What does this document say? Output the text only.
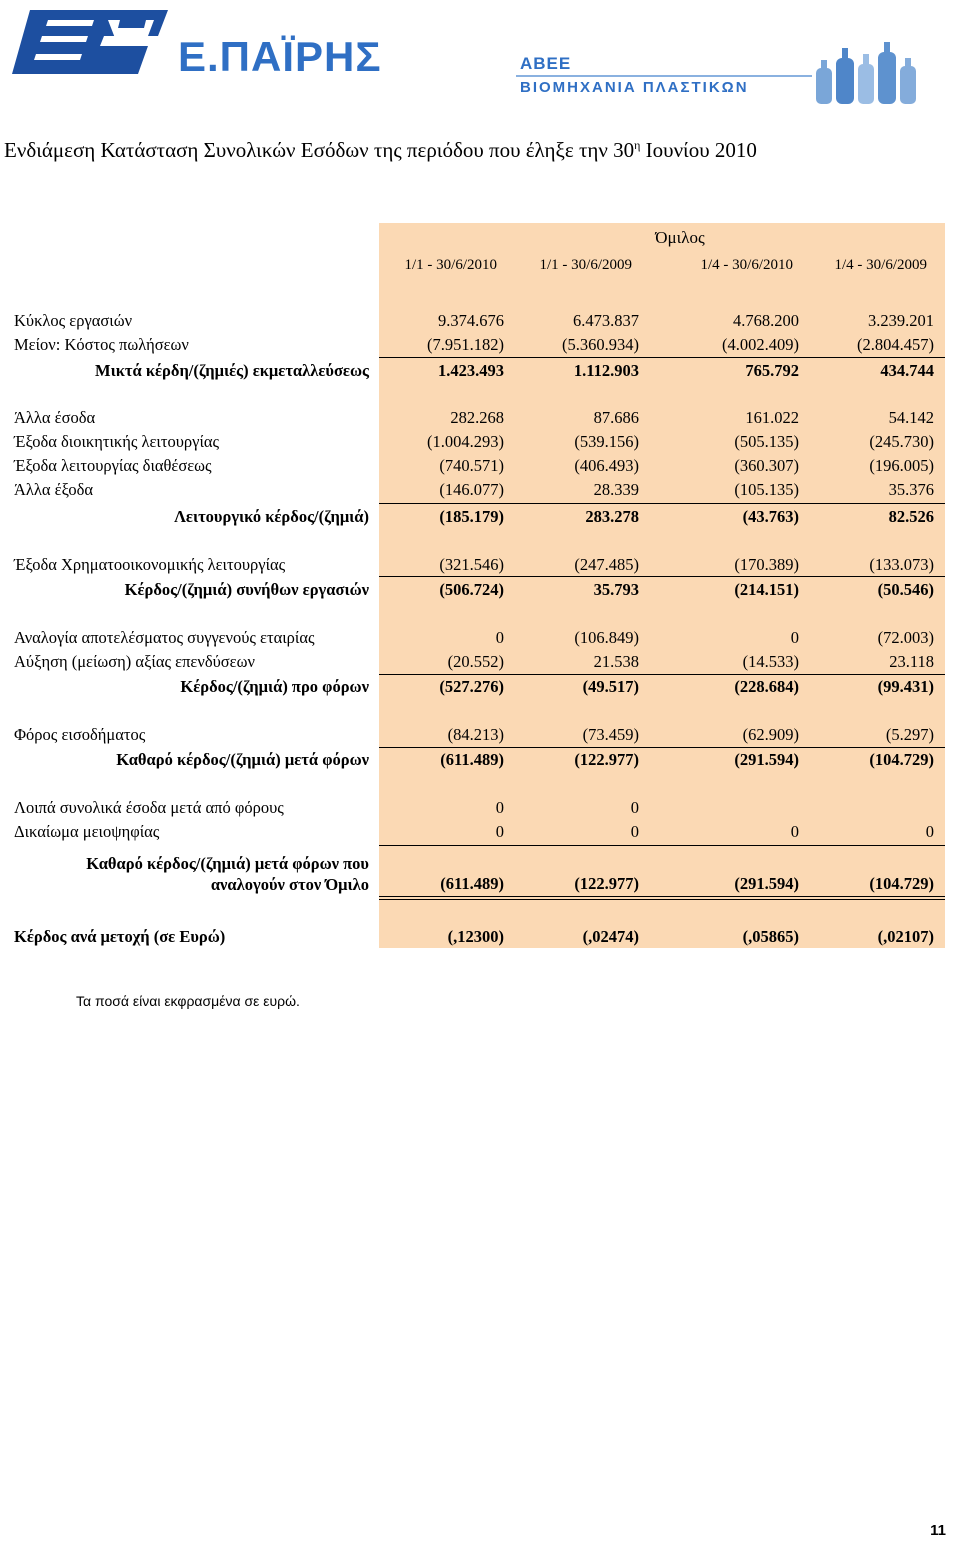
Ε.ΠΑΪΡΗΣ	ΑΒΕΕ
ΒΙΟΜΗΧΑΝΙΑ ΠΛΑΣΤΙΚΩΝ
Ενδιάμεση Κατάσταση Συνολικών Εσόδων της περιόδου που έληξε την $30^\eta$ Ιουνίου 2010
Όμιλος
1/1 - 30/6/2010	1/1 - 30/6/2009	1/4 - 30/6/2010	1/4 - 30/6/2009
Κύκλος εργασιών	9.374.676	6.473.837	4.768.200	3.239.201
Μείον: Κόστος πωλήσεων	(7.951.182)	(5.360.934)	(4.002.409)	(2.804.457)
Μικτά κέρδη/(ζημιές) εκμεταλλεύσεως	1.423.493	1.112.903	765.792	434.744
Άλλα έσοδα	282.268	87.686	161.022	54.142
Έξοδα διοικητικής λειτουργίας	(1.004.293)	(539.156)	(505.135)	(245.730)
Έξοδα λειτουργίας διαθέσεως	(740.571)	(406.493)	(360.307)	(196.005)
Άλλα έξοδα	(146.077)	28.339	(105.135)	35.376
Λειτουργικό κέρδος/(ζημιά)	(185.179)	283.278	(43.763)	82.526
Έξοδα Χρηματοοικονομικής λειτουργίας	(321.546)	(247.485)	(170.389)	(133.073)
Κέρδος/(ζημιά) συνήθων εργασιών	(506.724)	35.793	(214.151)	(50.546)
Αναλογία αποτελέσματος συγγενούς εταιρίας	0	(106.849)	0	(72.003)
Αύξηση (μείωση) αξίας επενδύσεων	(20.552)	21.538	(14.533)	23.118
Κέρδος/(ζημιά) προ φόρων	(527.276)	(49.517)	(228.684)	(99.431)
Φόρος εισοδήματος	(84.213)	(73.459)	(62.909)	(5.297)
Καθαρό κέρδος/(ζημιά) μετά φόρων	(611.489)	(122.977)	(291.594)	(104.729)
Λοιπά συνολικά έσοδα μετά από φόρους	0	0
Δικαίωμα μειοψηφίας	0	0	0	0
Καθαρό κέρδος/(ζημιά) μετά φόρων που
αναλογούν στον Όμιλο	(611.489)	(122.977)	(291.594)	(104.729)
Κέρδος ανά μετοχή (σε Ευρώ)	(,12300)	(,02474)	(,05865)	(,02107)
Τα ποσά είναι εκφρασμένα σε ευρώ.
11
